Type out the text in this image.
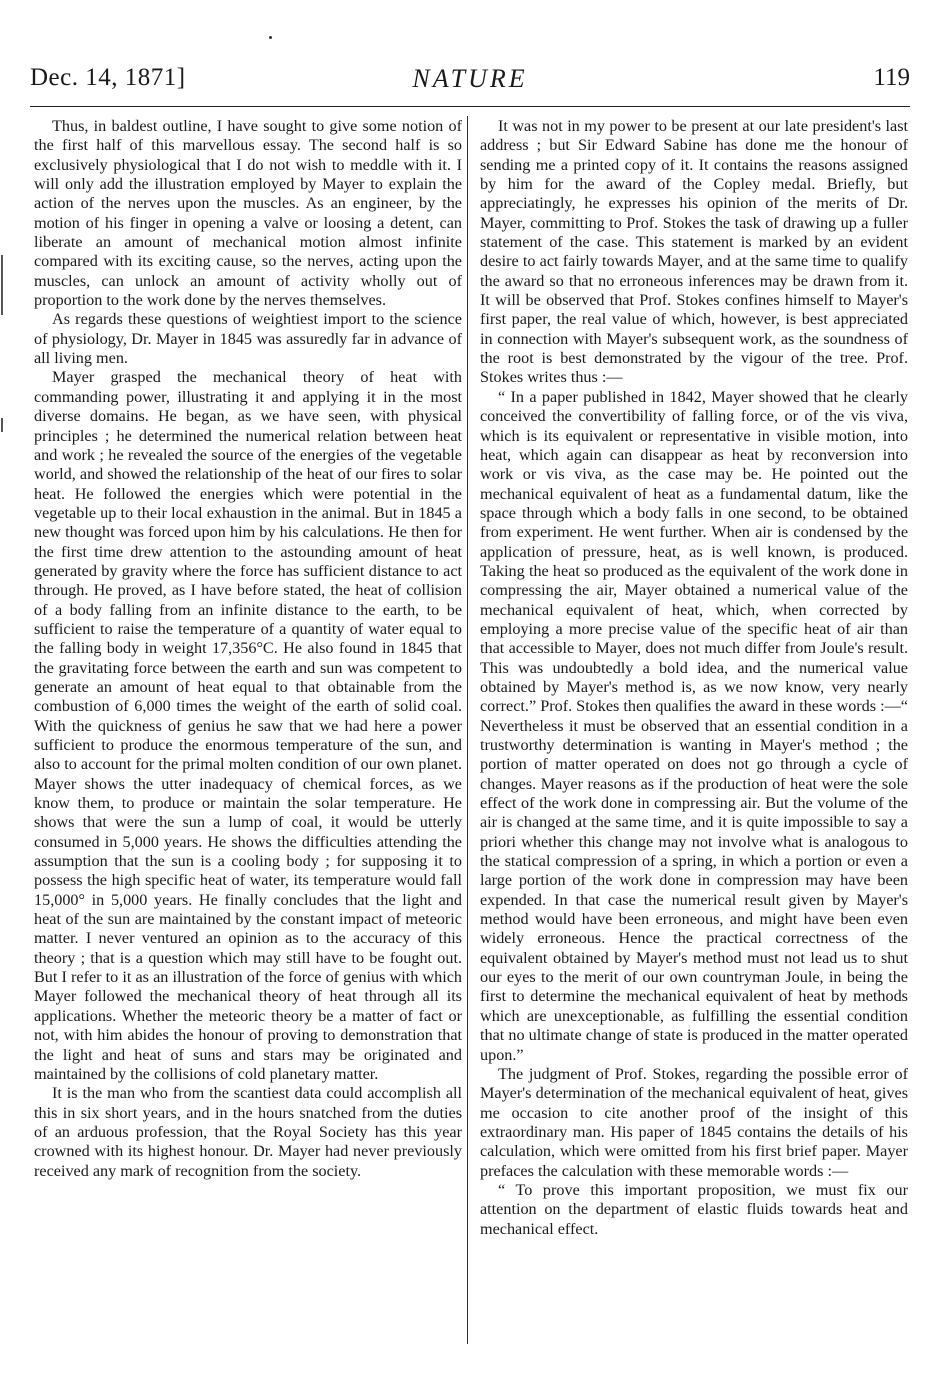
Dec. 14, 1871]	NATURE	119

Thus, in baldest outline, I have sought to give some notion of the first half of this marvellous essay. The second half is so exclusively physiological that I do not wish to meddle with it. I will only add the illustration employed by Mayer to explain the action of the nerves upon the muscles. As an engineer, by the motion of his finger in opening a valve or loosing a detent, can liberate an amount of mechanical motion almost infinite compared with its exciting cause, so the nerves, acting upon the muscles, can unlock an amount of activity wholly out of proportion to the work done by the nerves themselves.

As regards these questions of weightiest import to the science of physiology, Dr. Mayer in 1845 was assuredly far in advance of all living men.

Mayer grasped the mechanical theory of heat with commanding power, illustrating it and applying it in the most diverse domains. He began, as we have seen, with physical principles ; he determined the numerical relation between heat and work ; he revealed the source of the energies of the vegetable world, and showed the relationship of the heat of our fires to solar heat. He followed the energies which were potential in the vegetable up to their local exhaustion in the animal. But in 1845 a new thought was forced upon him by his calculations. He then for the first time drew attention to the astounding amount of heat generated by gravity where the force has sufficient distance to act through. He proved, as I have before stated, the heat of collision of a body falling from an infinite distance to the earth, to be sufficient to raise the temperature of a quantity of water equal to the falling body in weight 17,356°C. He also found in 1845 that the gravitating force between the earth and sun was competent to generate an amount of heat equal to that obtainable from the combustion of 6,000 times the weight of the earth of solid coal. With the quickness of genius he saw that we had here a power sufficient to produce the enormous temperature of the sun, and also to account for the primal molten condition of our own planet. Mayer shows the utter inadequacy of chemical forces, as we know them, to produce or maintain the solar temperature. He shows that were the sun a lump of coal, it would be utterly consumed in 5,000 years. He shows the difficulties attending the assumption that the sun is a cooling body ; for supposing it to possess the high specific heat of water, its temperature would fall 15,000° in 5,000 years. He finally concludes that the light and heat of the sun are maintained by the constant impact of meteoric matter. I never ventured an opinion as to the accuracy of this theory ; that is a question which may still have to be fought out. But I refer to it as an illustration of the force of genius with which Mayer followed the mechanical theory of heat through all its applications. Whether the meteoric theory be a matter of fact or not, with him abides the honour of proving to demonstration that the light and heat of suns and stars may be originated and maintained by the collisions of cold planetary matter.

It is the man who from the scantiest data could accomplish all this in six short years, and in the hours snatched from the duties of an arduous profession, that the Royal Society has this year crowned with its highest honour. Dr. Mayer had never previously received any mark of recognition from the society.

It was not in my power to be present at our late president's last address ; but Sir Edward Sabine has done me the honour of sending me a printed copy of it. It contains the reasons assigned by him for the award of the Copley medal. Briefly, but appreciatingly, he expresses his opinion of the merits of Dr. Mayer, committing to Prof. Stokes the task of drawing up a fuller statement of the case. This statement is marked by an evident desire to act fairly towards Mayer, and at the same time to qualify the award so that no erroneous inferences may be drawn from it. It will be observed that Prof. Stokes confines himself to Mayer's first paper, the real value of which, however, is best appreciated in connection with Mayer's subsequent work, as the soundness of the root is best demonstrated by the vigour of the tree. Prof. Stokes writes thus :—

“ In a paper published in 1842, Mayer showed that he clearly conceived the convertibility of falling force, or of the vis viva, which is its equivalent or representative in visible motion, into heat, which again can disappear as heat by reconversion into work or vis viva, as the case may be. He pointed out the mechanical equivalent of heat as a fundamental datum, like the space through which a body falls in one second, to be obtained from experiment. He went further. When air is condensed by the application of pressure, heat, as is well known, is produced. Taking the heat so produced as the equivalent of the work done in compressing the air, Mayer obtained a numerical value of the mechanical equivalent of heat, which, when corrected by employing a more precise value of the specific heat of air than that accessible to Mayer, does not much differ from Joule's result. This was undoubtedly a bold idea, and the numerical value obtained by Mayer's method is, as we now know, very nearly correct.” Prof. Stokes then qualifies the award in these words :—“ Nevertheless it must be observed that an essential condition in a trustworthy determination is wanting in Mayer's method ; the portion of matter operated on does not go through a cycle of changes. Mayer reasons as if the production of heat were the sole effect of the work done in compressing air. But the volume of the air is changed at the same time, and it is quite impossible to say a priori whether this change may not involve what is analogous to the statical compression of a spring, in which a portion or even a large portion of the work done in compression may have been expended. In that case the numerical result given by Mayer's method would have been erroneous, and might have been even widely erroneous. Hence the practical correctness of the equivalent obtained by Mayer's method must not lead us to shut our eyes to the merit of our own countryman Joule, in being the first to determine the mechanical equivalent of heat by methods which are unexceptionable, as fulfilling the essential condition that no ultimate change of state is produced in the matter operated upon.”

The judgment of Prof. Stokes, regarding the possible error of Mayer's determination of the mechanical equivalent of heat, gives me occasion to cite another proof of the insight of this extraordinary man. His paper of 1845 contains the details of his calculation, which were omitted from his first brief paper. Mayer prefaces the calculation with these memorable words :—

“ To prove this important proposition, we must fix our attention on the department of elastic fluids towards heat and mechanical effect.
